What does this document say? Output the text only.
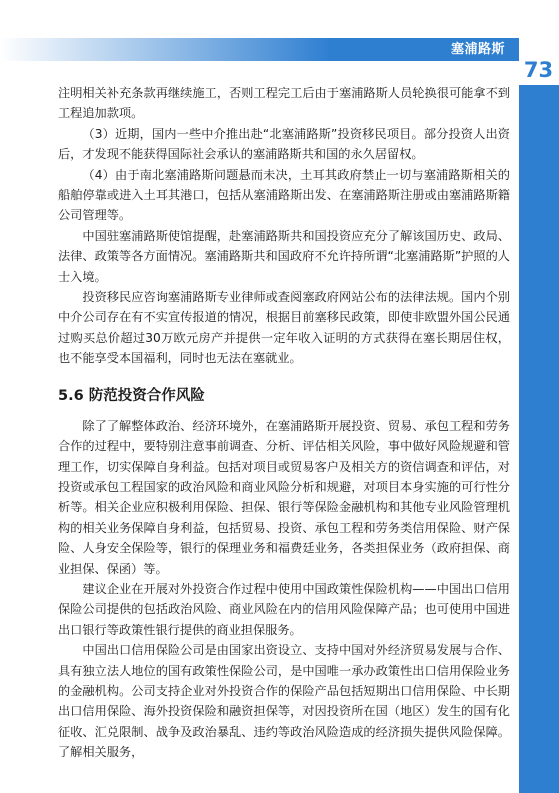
塞浦路斯
73

注明相关补充条款再继续施工，否则工程完工后由于塞浦路斯人员轮换很可能拿不到工程追加款项。

（3）近期，国内一些中介推出赴“北塞浦路斯”投资移民项目。部分投资人出资后，才发现不能获得国际社会承认的塞浦路斯共和国的永久居留权。

（4）由于南北塞浦路斯问题悬而未决，土耳其政府禁止一切与塞浦路斯相关的船舶停靠或进入土耳其港口，包括从塞浦路斯出发、在塞浦路斯注册或由塞浦路斯籍公司管理等。

中国驻塞浦路斯使馆提醒，赴塞浦路斯共和国投资应充分了解该国历史、政局、法律、政策等各方面情况。塞浦路斯共和国政府不允许持所谓“北塞浦路斯”护照的人士入境。

投资移民应咨询塞浦路斯专业律师或查阅塞政府网站公布的法律法规。国内个别中介公司存在有不实宣传报道的情况，根据目前塞移民政策，即使非欧盟外国公民通过购买总价超过30万欧元房产并提供一定年收入证明的方式获得在塞长期居住权，也不能享受本国福利，同时也无法在塞就业。

5.6 防范投资合作风险

除了了解整体政治、经济环境外，在塞浦路斯开展投资、贸易、承包工程和劳务合作的过程中，要特别注意事前调查、分析、评估相关风险，事中做好风险规避和管理工作，切实保障自身利益。包括对项目或贸易客户及相关方的资信调查和评估，对投资或承包工程国家的政治风险和商业风险分析和规避，对项目本身实施的可行性分析等。相关企业应积极利用保险、担保、银行等保险金融机构和其他专业风险管理机构的相关业务保障自身利益，包括贸易、投资、承包工程和劳务类信用保险、财产保险、人身安全保险等，银行的保理业务和福费廷业务，各类担保业务（政府担保、商业担保、保函）等。

建议企业在开展对外投资合作过程中使用中国政策性保险机构——中国出口信用保险公司提供的包括政治风险、商业风险在内的信用风险保障产品；也可使用中国进出口银行等政策性银行提供的商业担保服务。

中国出口信用保险公司是由国家出资设立、支持中国对外经济贸易发展与合作、具有独立法人地位的国有政策性保险公司，是中国唯一承办政策性出口信用保险业务的金融机构。公司支持企业对外投资合作的保险产品包括短期出口信用保险、中长期出口信用保险、海外投资保险和融资担保等，对因投资所在国（地区）发生的国有化征收、汇兑限制、战争及政治暴乱、违约等政治风险造成的经济损失提供风险保障。了解相关服务，
